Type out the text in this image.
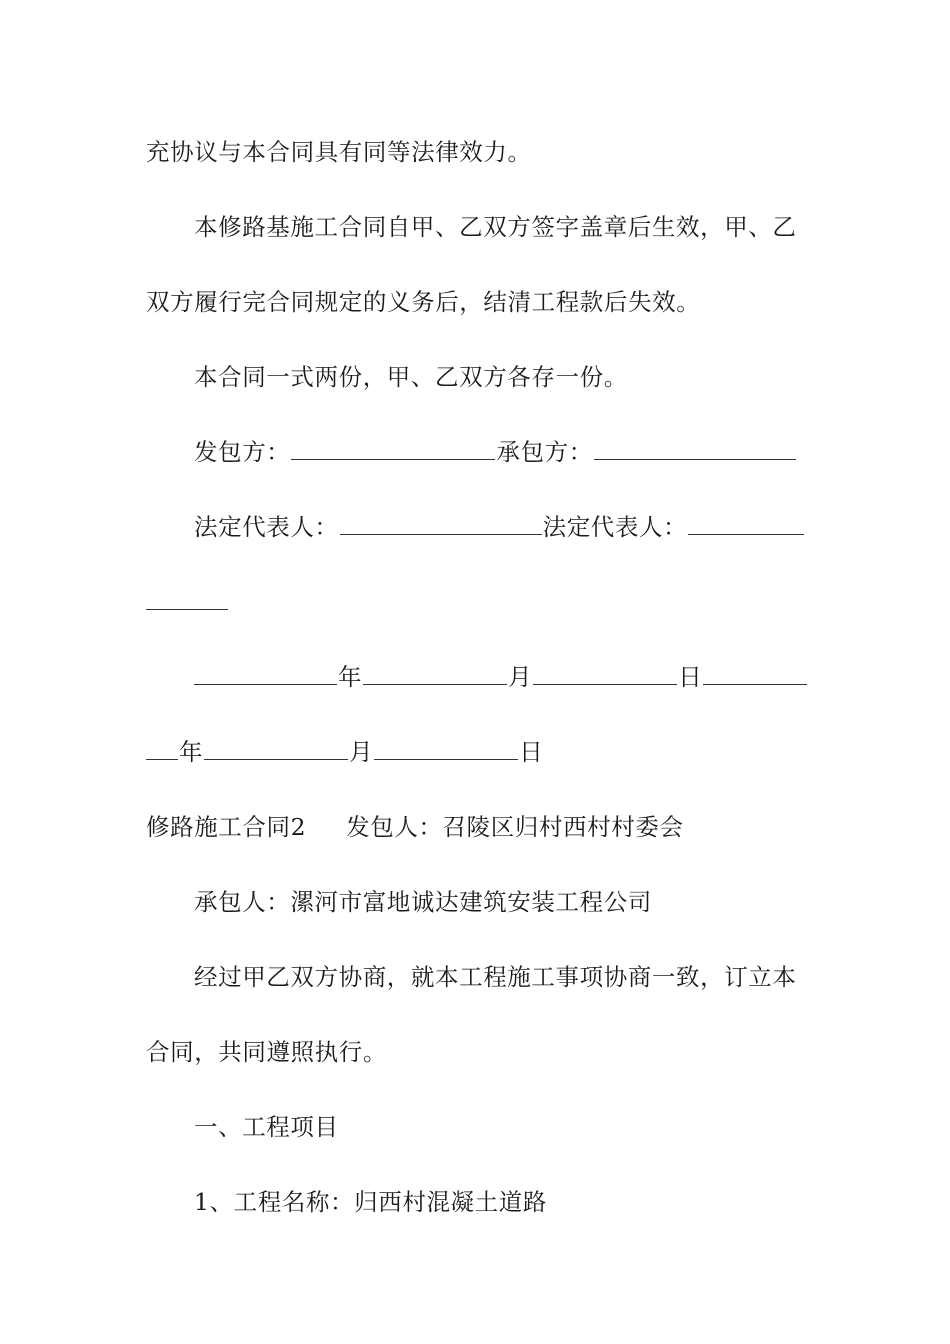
充协议与本合同具有同等法律效力。
本修路基施工合同自甲、乙双方签字盖章后生效，甲、乙
双方履行完合同规定的义务后，结清工程款后失效。
本合同一式两份，甲、乙双方各存一份。
发包方：	承包方：
法定代表人：	法定代表人：
年	月	日
年	月	日
修路施工合同2 发包人：召陵区归村西村村委会
承包人：漯河市富地诚达建筑安装工程公司
经过甲乙双方协商，就本工程施工事项协商一致，订立本
合同，共同遵照执行。
一、工程项目
1、工程名称：归西村混凝土道路
